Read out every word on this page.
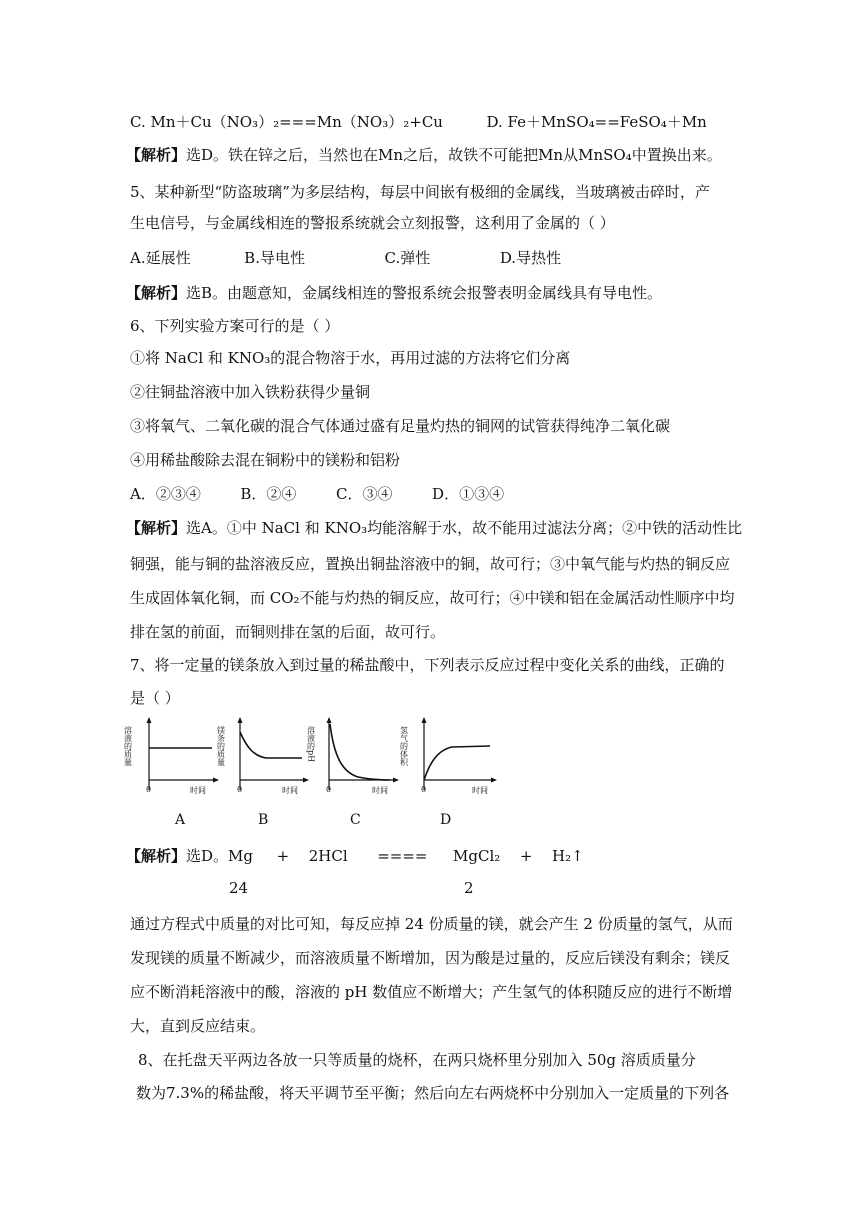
C. Mn＋Cu（NO₃）₂===Mn（NO₃）₂+Cu	D. Fe＋MnSO₄==FeSO₄＋Mn
【解析】选D。铁在锌之后，当然也在Mn之后，故铁不可能把Mn从MnSO₄中置换出来。
5、某种新型“防盗玻璃”为多层结构，每层中间嵌有极细的金属线，当玻璃被击碎时，产
生电信号，与金属线相连的警报系统就会立刻报警，这利用了金属的（ ）
A.延展性	B.导电性	C.弹性	D.导热性
【解析】选B。由题意知，金属线相连的警报系统会报警表明金属线具有导电性。
6、下列实验方案可行的是（ ）
①将 NaCl 和 KNO₃的混合物溶于水，再用过滤的方法将它们分离
②往铜盐溶液中加入铁粉获得少量铜
③将氧气、二氧化碳的混合气体通过盛有足量灼热的铜网的试管获得纯净二氧化碳
④用稀盐酸除去混在铜粉中的镁粉和铝粉
A．②③④	B．②④	C．③④	D．①③④
【解析】选A。①中 NaCl 和 KNO₃均能溶解于水，故不能用过滤法分离；②中铁的活动性比
铜强，能与铜的盐溶液反应，置换出铜盐溶液中的铜，故可行；③中氧气能与灼热的铜反应
生成固体氧化铜，而 CO₂不能与灼热的铜反应，故可行；④中镁和铝在金属活动性顺序中均
排在氢的前面，而铜则排在氢的后面，故可行。
7、将一定量的镁条放入到过量的稀盐酸中，下列表示反应过程中变化关系的曲线，正确的
是（ ）
溶液的质量
0	时间
镁条的质量
0	时间
溶液的pH
0	时间
氢气的体积
0	时间
A	B	C	D
【解析】选D。Mg + 2HCl ==== MgCl₂ + H₂↑
24	2
通过方程式中质量的对比可知，每反应掉 24 份质量的镁，就会产生 2 份质量的氢气，从而
发现镁的质量不断减少，而溶液质量不断增加，因为酸是过量的，反应后镁没有剩余；镁反
应不断消耗溶液中的酸，溶液的 pH 数值应不断增大；产生氢气的体积随反应的进行不断增
大，直到反应结束。
8、在托盘天平两边各放一只等质量的烧杯，在两只烧杯里分别加入 50g 溶质质量分
数为7.3%的稀盐酸，将天平调节至平衡；然后向左右两烧杯中分别加入一定质量的下列各
